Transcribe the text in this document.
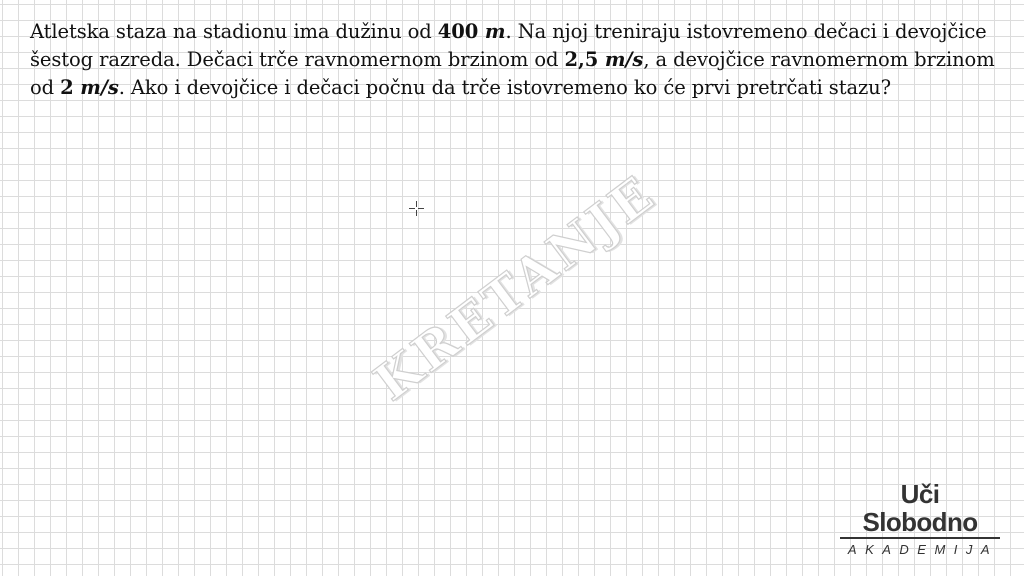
Atletska staza na stadionu ima dužinu od 400 m. Na njoj treniraju istovremeno dečaci i devojčice šestog razreda. Dečaci trče ravnomernom brzinom od 2,5 m/s, a devojčice ravnomernom brzinom od 2 m/s. Ako i devojčice i dečaci počnu da trče istovremeno ko će prvi pretrčati stazu?

KRETANJE
Uči Slobodno
AKADEMIJA
